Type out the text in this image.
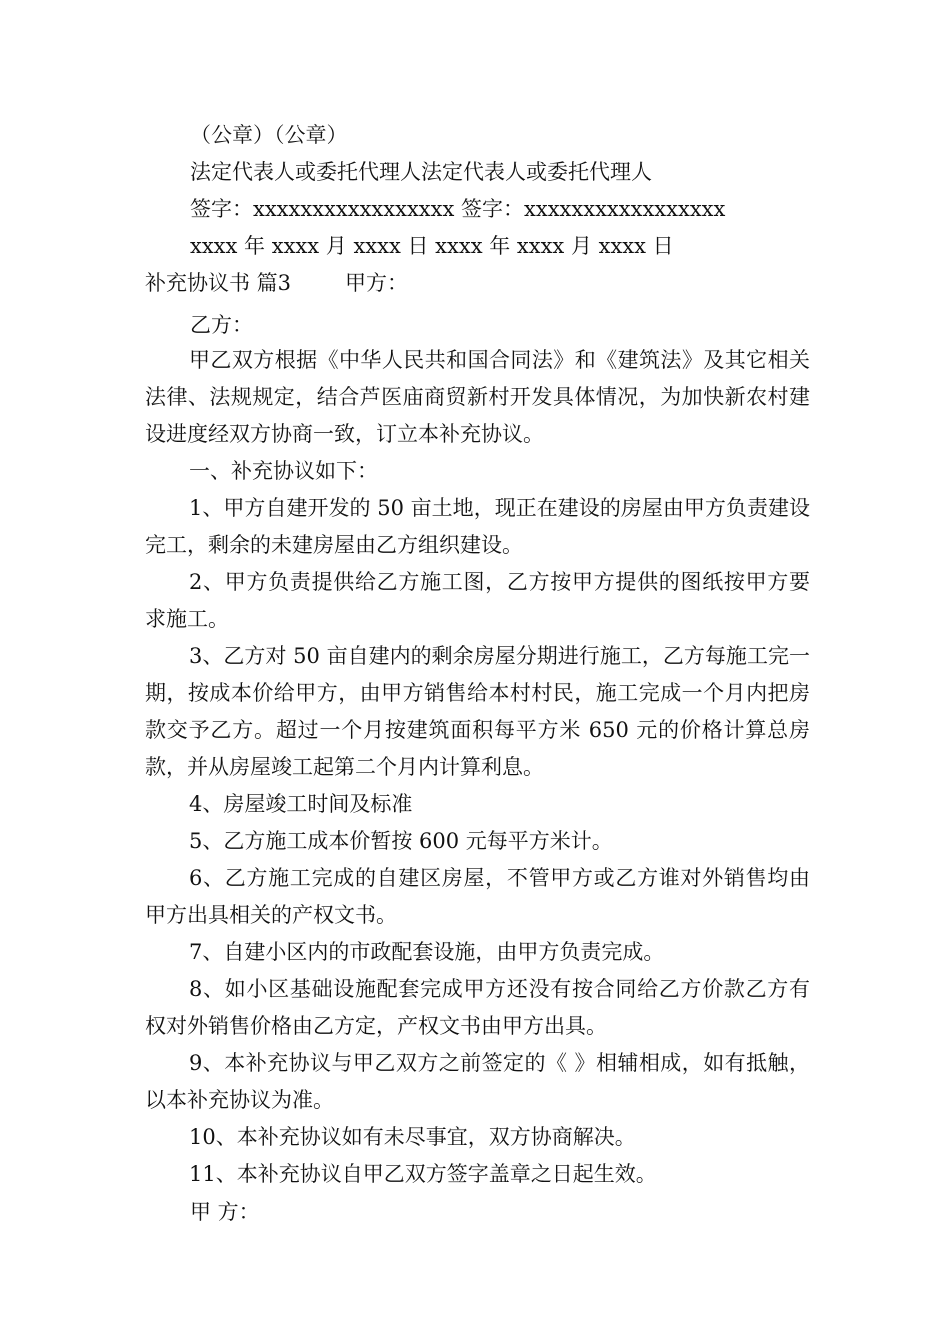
（公章）（公章）
法定代表人或委托代理人法定代表人或委托代理人
签字：xxxxxxxxxxxxxxxxx 签字：xxxxxxxxxxxxxxxxx
xxxx 年 xxxx 月 xxxx 日 xxxx 年 xxxx 月 xxxx 日
补充协议书 篇3	甲方：
乙方：

甲乙双方根据《中华人民共和国合同法》和《建筑法》及其它相关法律、法规规定，结合芦医庙商贸新村开发具体情况，为加快新农村建设进度经双方协商一致，订立本补充协议。

一、补充协议如下：

1、甲方自建开发的 50 亩土地，现正在建设的房屋由甲方负责建设完工，剩余的未建房屋由乙方组织建设。

2、甲方负责提供给乙方施工图，乙方按甲方提供的图纸按甲方要求施工。

3、乙方对 50 亩自建内的剩余房屋分期进行施工，乙方每施工完一期，按成本价给甲方，由甲方销售给本村村民，施工完成一个月内把房款交予乙方。超过一个月按建筑面积每平方米 650 元的价格计算总房款，并从房屋竣工起第二个月内计算利息。

4、房屋竣工时间及标准

5、乙方施工成本价暂按 600 元每平方米计。

6、乙方施工完成的自建区房屋，不管甲方或乙方谁对外销售均由甲方出具相关的产权文书。

7、自建小区内的市政配套设施，由甲方负责完成。

8、如小区基础设施配套完成甲方还没有按合同给乙方价款乙方有权对外销售价格由乙方定，产权文书由甲方出具。

9、本补充协议与甲乙双方之前签定的《 》相辅相成，如有抵触，以本补充协议为准。

10、本补充协议如有未尽事宜，双方协商解决。

11、本补充协议自甲乙双方签字盖章之日起生效。

甲 方：
